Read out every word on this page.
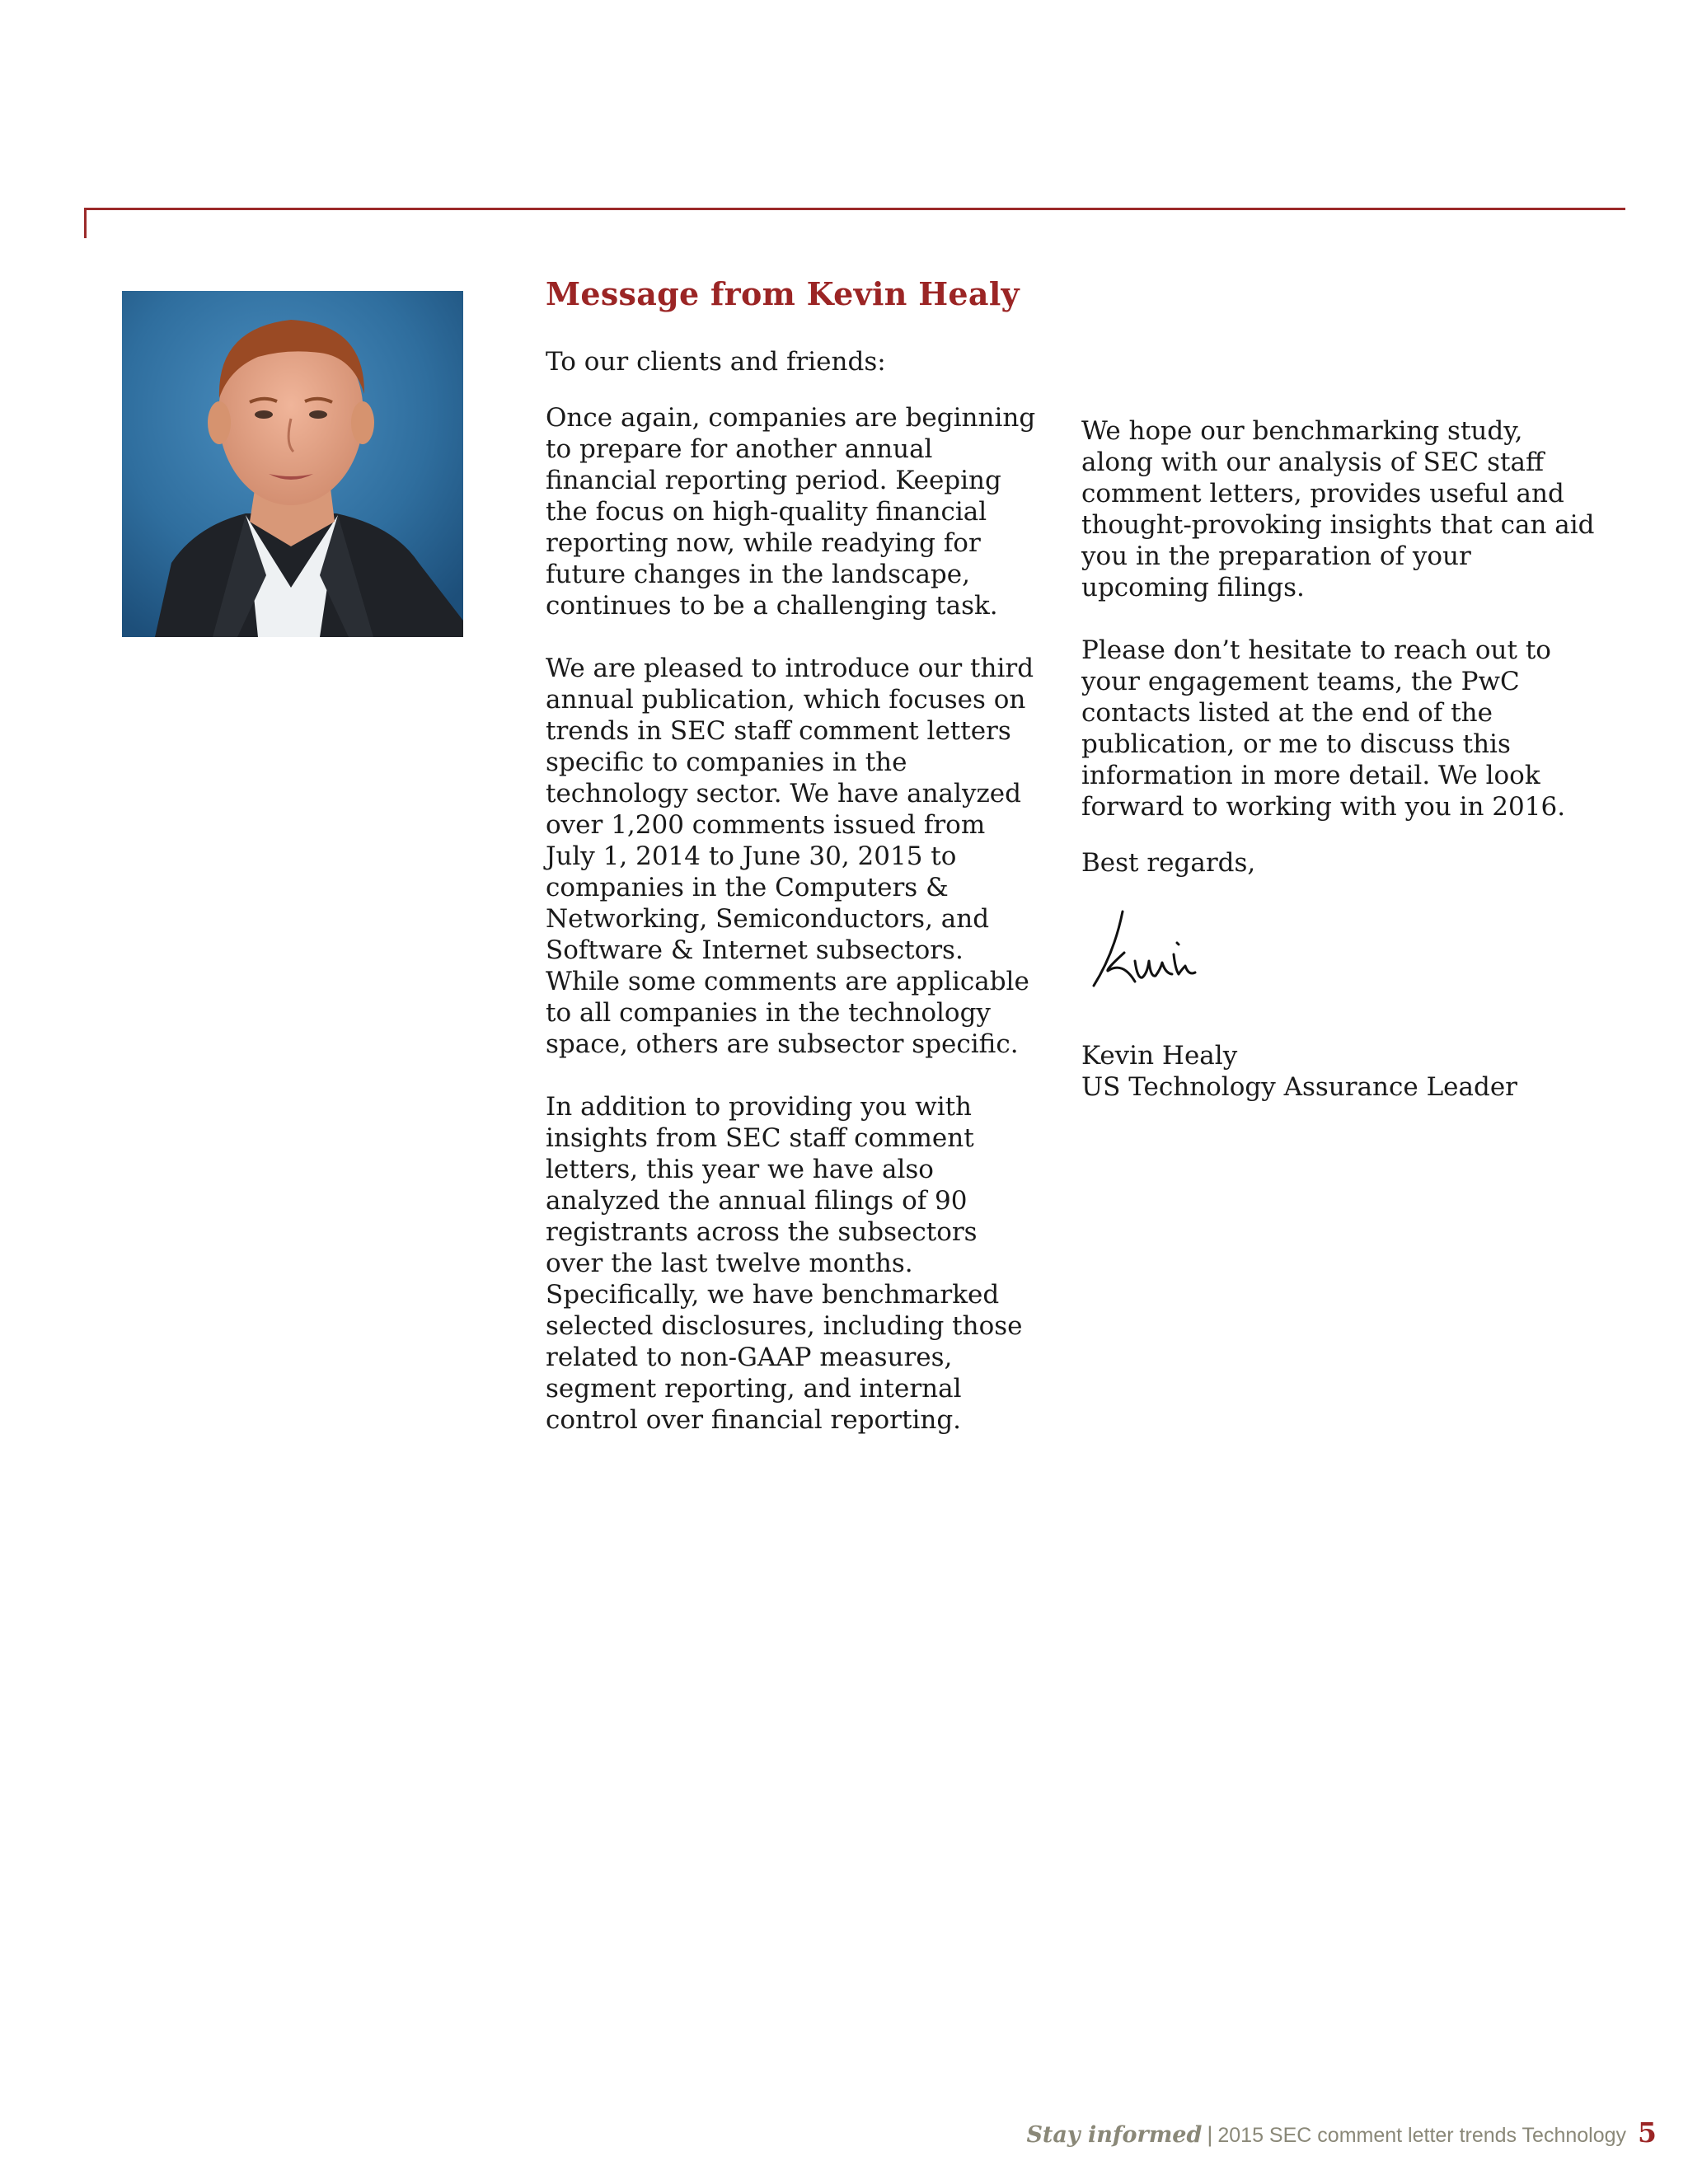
Message from Kevin Healy

To our clients and friends:

Once again, companies are beginning to prepare for another annual financial reporting period. Keeping the focus on high-quality financial reporting now, while readying for future changes in the landscape, continues to be a challenging task.

We are pleased to introduce our third annual publication, which focuses on trends in SEC staff comment letters specific to companies in the technology sector. We have analyzed over 1,200 comments issued from July 1, 2014 to June 30, 2015 to companies in the Computers & Networking, Semiconductors, and Software & Internet subsectors. While some comments are applicable to all companies in the technology space, others are subsector specific.

In addition to providing you with insights from SEC staff comment letters, this year we have also analyzed the annual filings of 90 registrants across the subsectors over the last twelve months. Specifically, we have benchmarked selected disclosures, including those related to non-GAAP measures, segment reporting, and internal control over financial reporting.

We hope our benchmarking study, along with our analysis of SEC staff comment letters, provides useful and thought-provoking insights that can aid you in the preparation of your upcoming filings.

Please don’t hesitate to reach out to your engagement teams, the PwC contacts listed at the end of the publication, or me to discuss this information in more detail. We look forward to working with you in 2016.

Best regards,

Kevin Healy

US Technology Assurance Leader

Stay informed | 2015 SEC comment letter trends Technology 5
